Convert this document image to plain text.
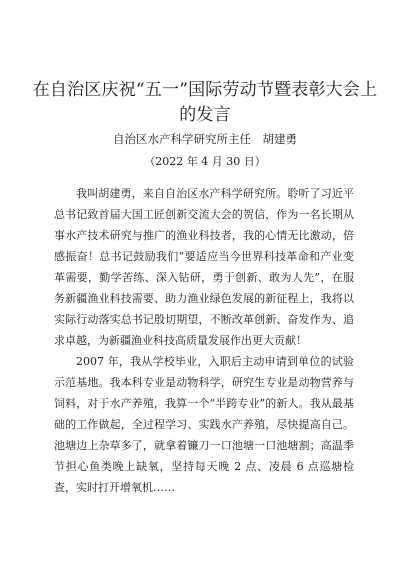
在自治区庆祝“五一”国际劳动节暨表彰大会上的发言
自治区水产科学研究所主任　胡建勇
（2022 年 4 月 30 日）

我叫胡建勇，来自自治区水产科学研究所。聆听了习近平总书记致首届大国工匠创新交流大会的贺信，作为一名长期从事水产技术研究与推广的渔业科技者，我的心情无比激动，倍感振奋！总书记鼓励我们“要适应当今世界科技革命和产业变革需要，勤学苦练、深入钻研，勇于创新、敢为人先”，在服务新疆渔业科技需要、助力渔业绿色发展的新征程上，我将以实际行动落实总书记殷切期望，不断改革创新、奋发作为、追求卓越，为新疆渔业科技高质量发展作出更大贡献！

2007 年，我从学校毕业，入职后主动申请到单位的试验示范基地。我本科专业是动物科学，研究生专业是动物营养与饲料，对于水产养殖，我算一个“半跨专业”的新人。我从最基础的工作做起，全过程学习、实践水产养殖，尽快提高自己。池塘边上杂草多了，就拿着镰刀一口池塘一口池塘割；高温季节担心鱼类晚上缺氧，坚持每天晚 2 点、凌晨 6 点巡塘检查，实时打开增氧机……
